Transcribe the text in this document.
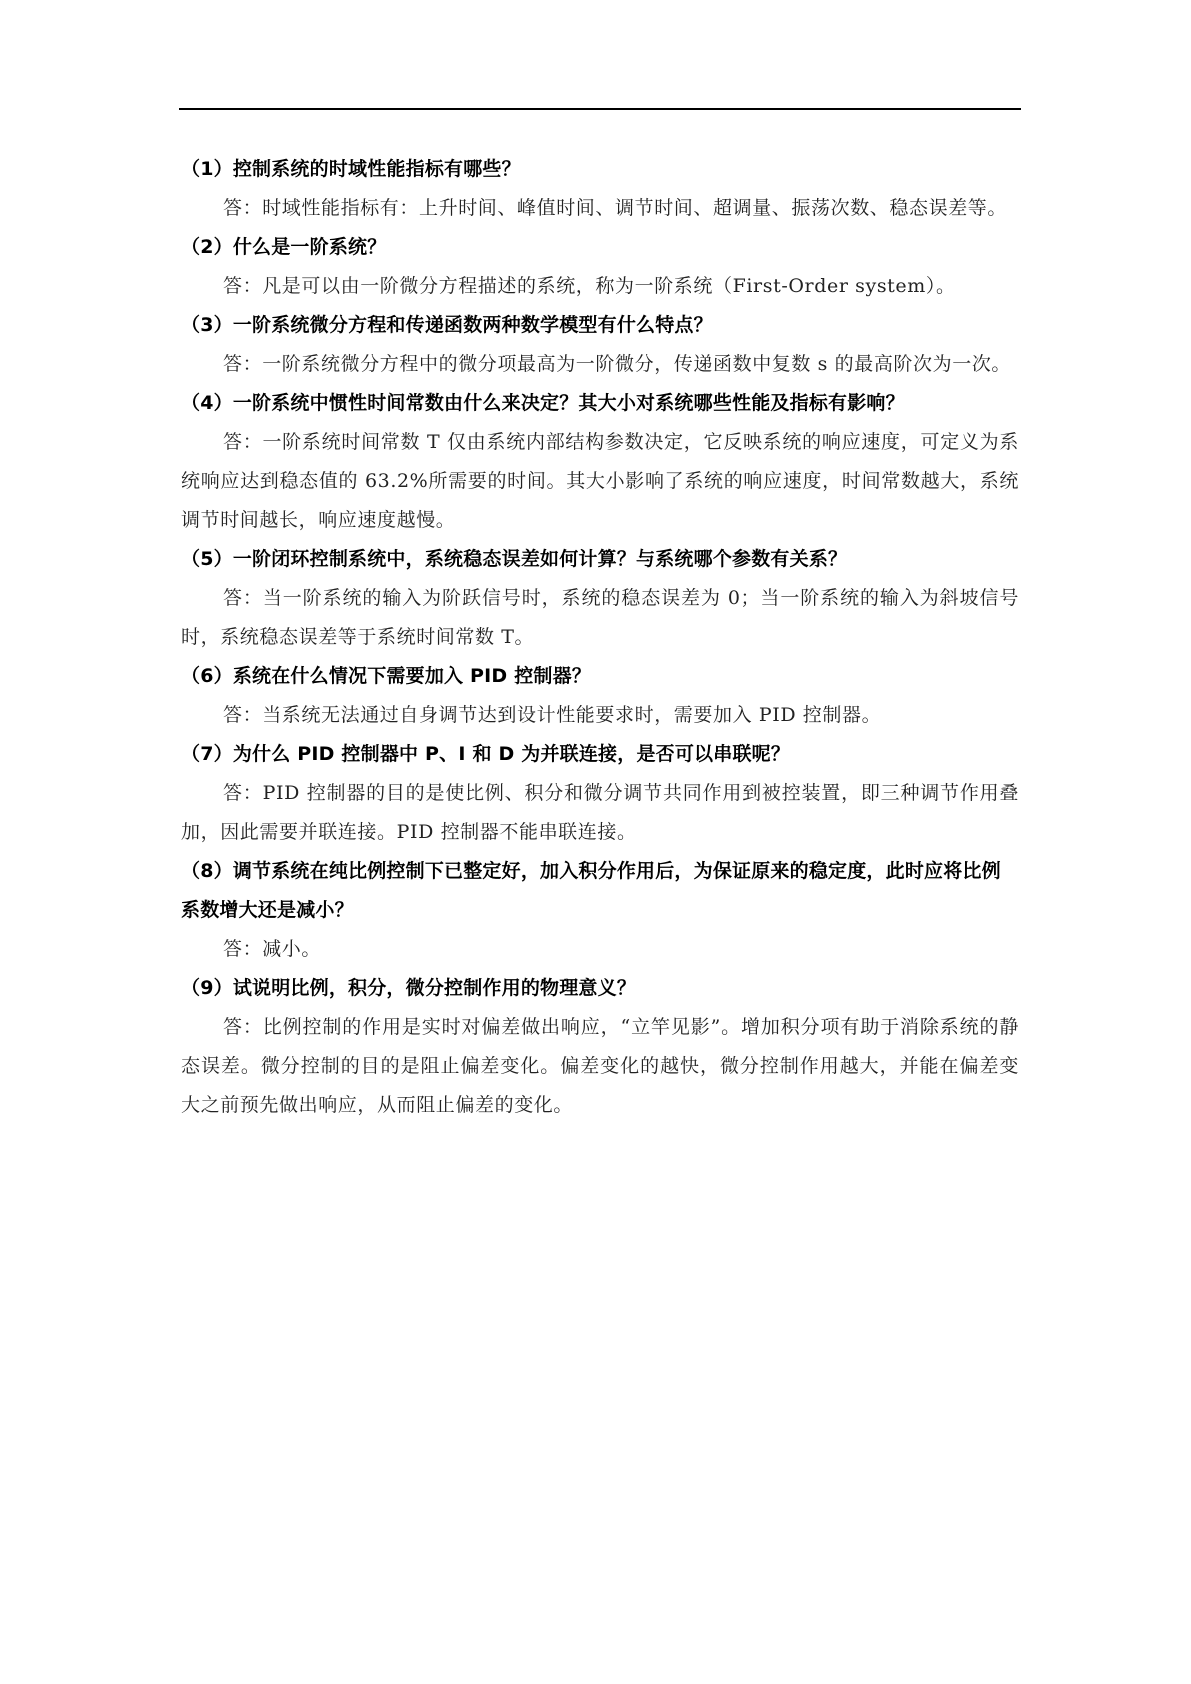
（1）控制系统的时域性能指标有哪些？

答：时域性能指标有：上升时间、峰值时间、调节时间、超调量、振荡次数、稳态误差等。

（2）什么是一阶系统？

答：凡是可以由一阶微分方程描述的系统，称为一阶系统（First-Order system）。

（3）一阶系统微分方程和传递函数两种数学模型有什么特点？

答：一阶系统微分方程中的微分项最高为一阶微分，传递函数中复数 s 的最高阶次为一次。

（4）一阶系统中惯性时间常数由什么来决定？其大小对系统哪些性能及指标有影响？

答：一阶系统时间常数 T 仅由系统内部结构参数决定，它反映系统的响应速度，可定义为系统响应达到稳态值的 63.2%所需要的时间。其大小影响了系统的响应速度，时间常数越大，系统调节时间越长，响应速度越慢。

（5）一阶闭环控制系统中，系统稳态误差如何计算？与系统哪个参数有关系？

答：当一阶系统的输入为阶跃信号时，系统的稳态误差为 0；当一阶系统的输入为斜坡信号时，系统稳态误差等于系统时间常数 T。

（6）系统在什么情况下需要加入 PID 控制器？

答：当系统无法通过自身调节达到设计性能要求时，需要加入 PID 控制器。

（7）为什么 PID 控制器中 P、I 和 D 为并联连接，是否可以串联呢？

答：PID 控制器的目的是使比例、积分和微分调节共同作用到被控装置，即三种调节作用叠加，因此需要并联连接。PID 控制器不能串联连接。

（8）调节系统在纯比例控制下已整定好，加入积分作用后，为保证原来的稳定度，此时应将比例系数增大还是减小？

答：减小。

（9）试说明比例，积分，微分控制作用的物理意义？

答：比例控制的作用是实时对偏差做出响应，“立竿见影”。增加积分项有助于消除系统的静态误差。微分控制的目的是阻止偏差变化。偏差变化的越快，微分控制作用越大，并能在偏差变大之前预先做出响应，从而阻止偏差的变化。
